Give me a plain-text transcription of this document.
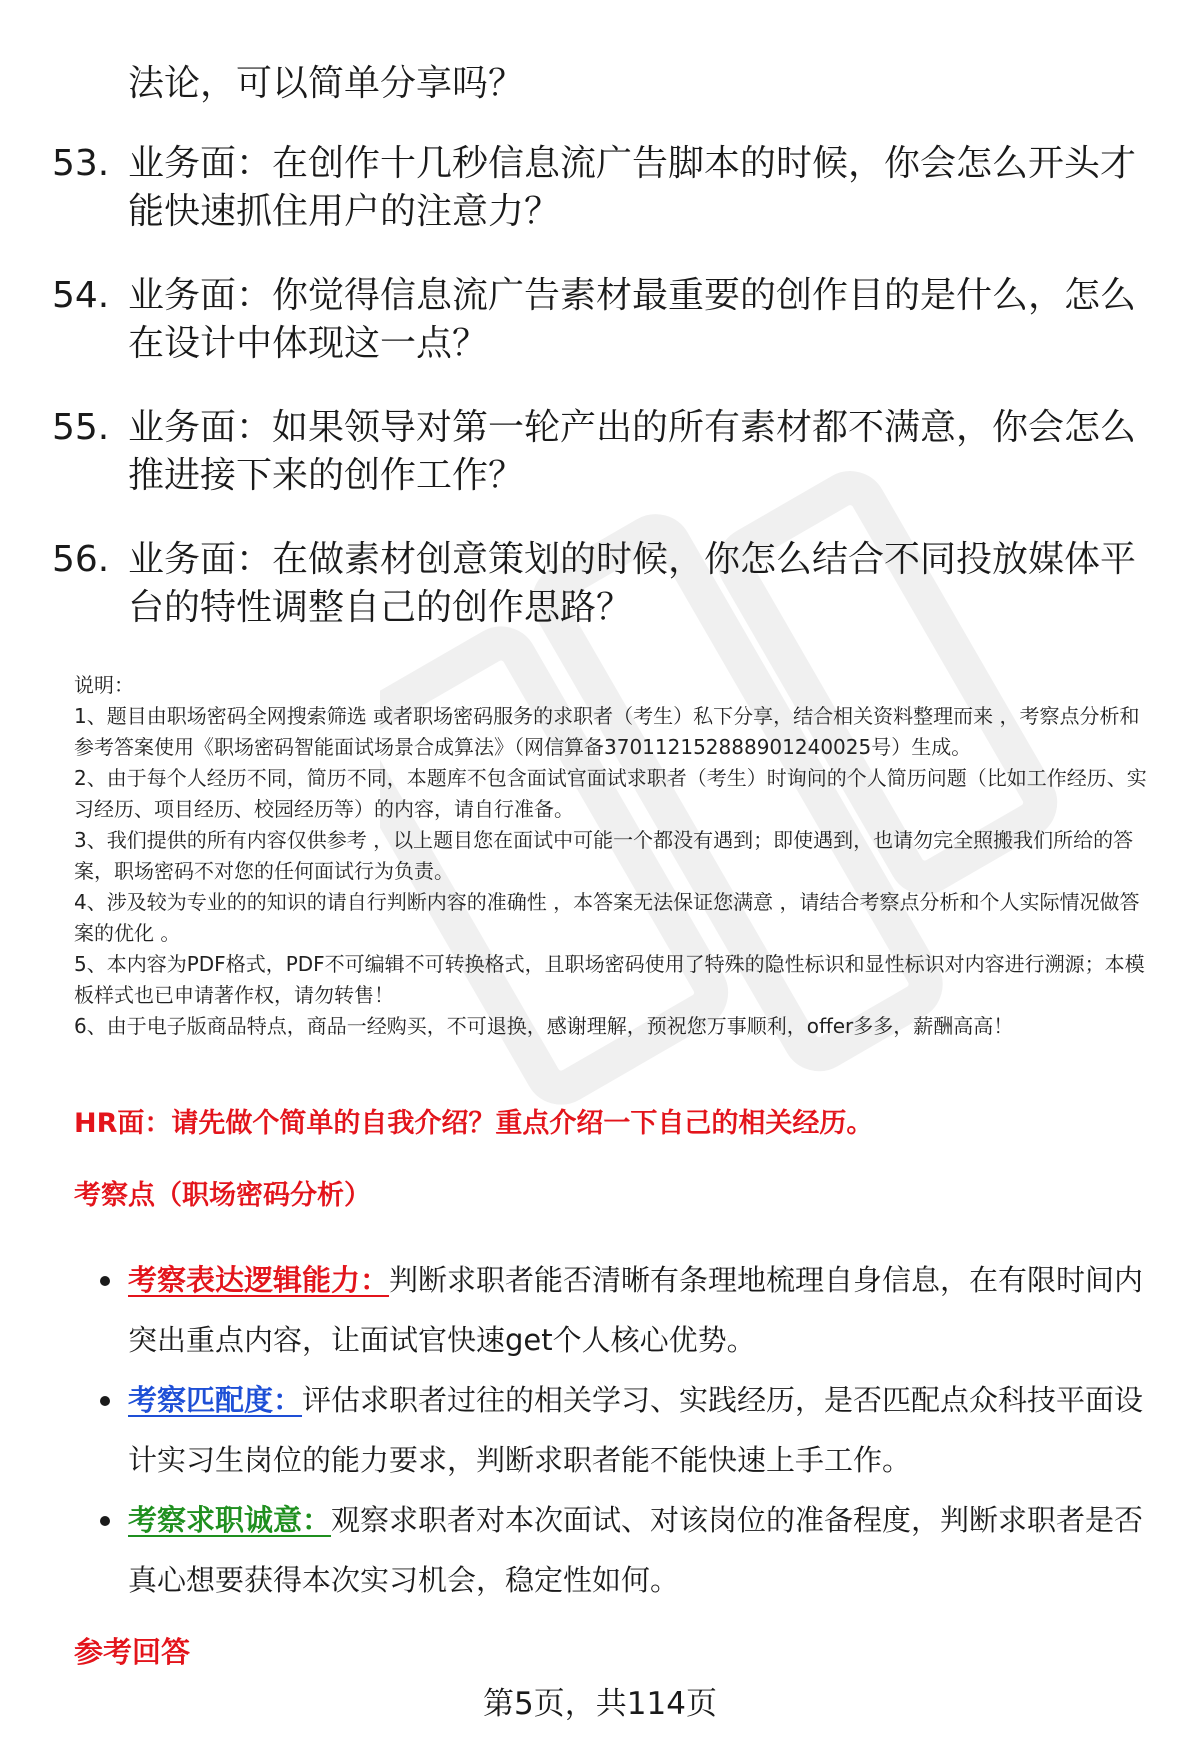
法论，可以简单分享吗？
53. 业务面：在创作十几秒信息流广告脚本的时候，你会怎么开头才能快速抓住用户的注意力？
54. 业务面：你觉得信息流广告素材最重要的创作目的是什么，怎么在设计中体现这一点？
55. 业务面：如果领导对第一轮产出的所有素材都不满意，你会怎么推进接下来的创作工作？
56. 业务面：在做素材创意策划的时候，你怎么结合不同投放媒体平台的特性调整自己的创作思路？

说明：

1、题目由职场密码全网搜索筛选 或者职场密码服务的求职者（考生）私下分享，结合相关资料整理而来 ，考察点分析和参考答案使用《职场密码智能面试场景合成算法》（网信算备370112152888901240025号）生成。

2、由于每个人经历不同，简历不同，本题库不包含面试官面试求职者（考生）时询问的个人简历问题（比如工作经历、实习经历、项目经历、校园经历等）的内容，请自行准备。

3、我们提供的所有内容仅供参考 ，以上题目您在面试中可能一个都没有遇到；即使遇到，也请勿完全照搬我们所给的答案，职场密码不对您的任何面试行为负责。

4、涉及较为专业的的知识的请自行判断内容的准确性 ，本答案无法保证您满意 ，请结合考察点分析和个人实际情况做答案的优化 。

5、本内容为PDF格式，PDF不可编辑不可转换格式，且职场密码使用了特殊的隐性标识和显性标识对内容进行溯源；本模板样式也已申请著作权，请勿转售！

6、由于电子版商品特点，商品一经购买，不可退换，感谢理解，预祝您万事顺利，offer多多，薪酬高高！

HR面：请先做个简单的自我介绍？重点介绍一下自己的相关经历。
考察点（职场密码分析）
考察表达逻辑能力：判断求职者能否清晰有条理地梳理自身信息，在有限时间内突出重点内容，让面试官快速get个人核心优势。
考察匹配度：评估求职者过往的相关学习、实践经历，是否匹配点众科技平面设计实习生岗位的能力要求，判断求职者能不能快速上手工作。
考察求职诚意：观察求职者对本次面试、对该岗位的准备程度，判断求职者是否真心想要获得本次实习机会，稳定性如何。
参考回答
第5页，共114页
